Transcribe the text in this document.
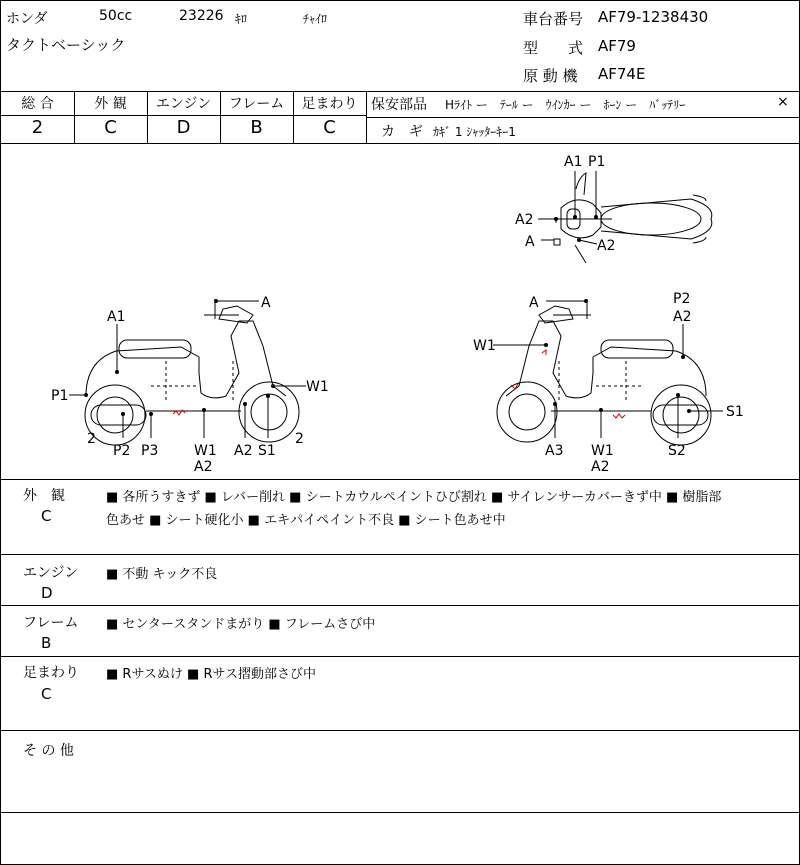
ホンダ	50cc	23226 ｷﾛ	ﾁｬｲﾛ
タクトベーシック
車台番号 AF79-1238430
型　　式 AF79
原 動 機 AF74E
総 合	外 観	エンジン	フレーム	足まわり
2	C	D	B	C
保安部品 Hﾗｲﾄ ー　ﾃｰﾙ ー　ｳｲﾝｶｰ ー　ﾎｰﾝ ー　ﾊﾞｯﾃﾘｰ	×
カ　ギ ｶｷﾞ 1 ｼｬｯﾀｰｷｰ1
A1 P1
A2
A	A2
A
A1
W1
P1
2
P2 P3	W1
A2
A2 S1
2
A	P2
A2
W1
S1
A3 W1
A2
S2
外　観
C
■ 各所うすきず ■ レバー削れ ■ シートカウルペイントひび割れ ■ サイレンサーカバーきず中 ■ 樹脂部
色あせ ■ シート硬化小 ■ エキパイペイント不良 ■ シート色あせ中
エンジン
D
■ 不動 キック不良
フレーム
B
■ センタースタンドまがり ■ フレームさび中
足まわり
C
■ Rサスぬけ ■ Rサス摺動部さび中
そ の 他
